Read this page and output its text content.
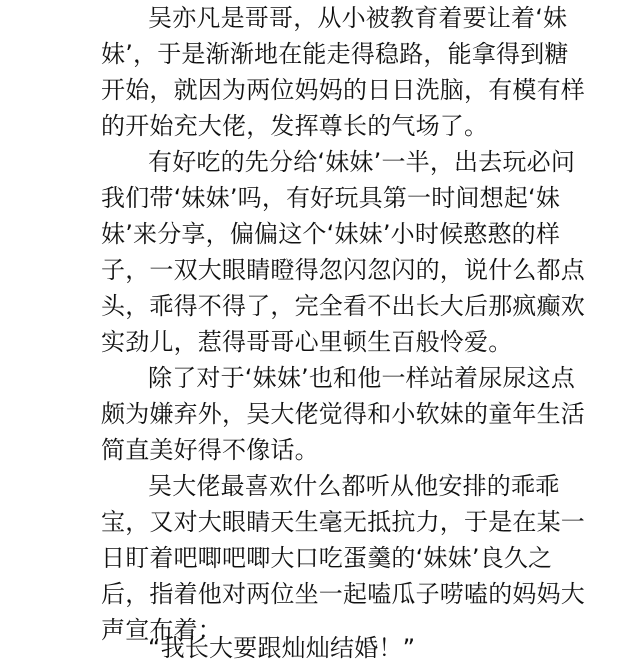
吴亦凡是哥哥，从小被教育着要让着‘妹
妹’，于是渐渐地在能走得稳路，能拿得到糖
开始，就因为两位妈妈的日日洗脑，有模有样
的开始充大佬，发挥尊长的气场了。
有好吃的先分给‘妹妹’一半，出去玩必问
我们带‘妹妹’吗，有好玩具第一时间想起‘妹
妹’来分享，偏偏这个‘妹妹’小时候憨憨的样
子，一双大眼睛瞪得忽闪忽闪的，说什么都点
头，乖得不得了，完全看不出长大后那疯癫欢
实劲儿，惹得哥哥心里顿生百般怜爱。
除了对于‘妹妹’也和他一样站着尿尿这点
颇为嫌弃外，吴大佬觉得和小软妹的童年生活
简直美好得不像话。
吴大佬最喜欢什么都听从他安排的乖乖
宝，又对大眼睛天生毫无抵抗力，于是在某一
日盯着吧唧吧唧大口吃蛋羹的‘妹妹’良久之
后，指着他对两位坐一起嗑瓜子唠嗑的妈妈大
声宣布着：
“我长大要跟灿灿结婚！”
